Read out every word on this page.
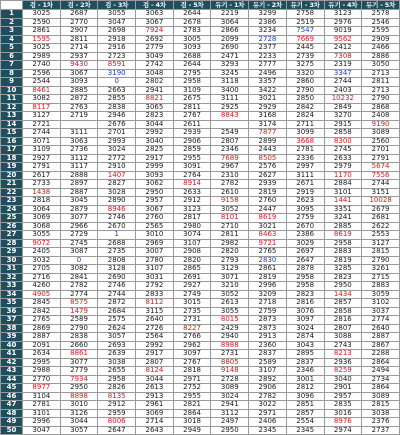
	검 - 1차	검 - 2차	검 - 3차	검 - 4차	검 - 5차	듀기 - 1차	듀기 - 2차	듀기 - 3차	듀기 - 4차	듀기 - 5차
1	3025	2687	3055	3063	2644	2219	3299	2758	3123	2578
2	2590	2770	3047	3067	2678	3064	2386	2519	2976	2546
3	2861	2907	2698	7924	2783	2866	3234	7547	9019	2595
4	1595	2811	2918	2692	3005	2099	2728	7669	9562	2909
5	3025	2714	2916	2779	3093	2690	2377	2445	2412	2466
6	2989	2937	2723	3049	2688	2471	2233	2739	7308	2886
7	2740	9430	8591	2742	2644	3293	2777	3275	2319	3050
8	2596	3067	3190	3048	2795	3245	2496	3320	3347	2713
9	2544	3093	0	2802	2958	3118	3357	2860	2744	2811
10	8461	2885	2663	2941	3109	3400	3422	2790	2403	2713
11	3082	2872	2855	8821	2675	3111	3021	2850	10232	2790
12	8117	2763	2838	3065	2811	2925	2929	2842	2849	2868
13	3127	2719	2946	2823	2767	8843	3168	2824	3270	2408
14	2721		2676	3044	2611		3174	2711	2915	9190
15	2744	3111	2701	2992	2939	2549	7877	3099	2858	3089
16	3071	3063	2993	3040	2906	2807	2899	3668	8300	2560
17	3109	2736	3024	2825	2859	2346	2443	2781	2745	2701
18	2927	3112	2772	2917	2955	7689	8505	2336	2633	2791
19	2791	3117	2910	2999	3091	2967	2576	2997	2979	5674
20	2617	2888	1407	3093	2764	2310	2627	3111	1170	7556
21	2733	2897	2827	3062	8914	2782	2939	2671	2884	2744
22	1438	2887	3028	2950	2633	2610	2819	2919	3101	3151
23	2818	3045	2890	2957	2912	9158	2760	2623	1441	10028
24	3064	2879	8946	3067	3123	3052	2447	3095	3351	2679
25	3069	3077	2746	2760	2817	8101	8619	2759	3241	2681
26	3068	2966	2670	2565	2980	2710	3021	2670	2885	2622
27	3055	2729	1	3010	3074	2811	8463	2386	8619	2553
28	9072	2745	2688	2969	3107	2982	9721	3029	2958	3127
29	2405	3087	2735	3007	2908	2820	2765	2697	2883	2815
30	3032	0	2808	2780	2820	2793	2830	2647	2819	2790
31	2705	3082	3128	3107	2865	3129	2861	2878	3285	3261
32	2716	2841	2690	3031	2691	3071	2819	2958	2823	2715
33	4260	2782	2746	2792	2927	3210	2996	2958	2950	2883
34	4905	2774	2744	2833	2749	3052	3209	2823	1434	3059
35	2845	8575	2872	8112	3015	2613	2718	2816	2857	3102
36	2842	1479	2684	3115	2735	3055	2759	3076	2858	3037
37	2765	2589	2575	2640	2731	8015	2873	3097	2816	2774
38	2869	2790	2624	2726	8227	2429	2873	3024	2807	2640
39	2887	2838	3057	2564	2766	2940	2913	2874	3088	2887
40	2091	2660	2693	2992	2962	8988	2360	3043	2743	2867
41	2634	8861	2639	2917	3097	2731	2837	2895	8213	2288
42	2995	3077	3038	2807	2767	8805	2589	2837	2936	2864
43	2988	2779	2655	8124	2818	9148	3107	2346	8259	2494
44	2770	7934	2958	3044	2971	2728	2892	3001	3040	2734
45	8977	2950	2826	2613	2752	3089	2906	2812	2901	2864
46	3104	8898	8135	2913	2955	3024	2782	3096	2957	3089
47	2781	3010	2912	2961	2821	2941	3022	2851	2835	2815
48	3101	3126	2959	3069	2864	3112	2971	2857	3016	3038
49	2996	3044	8006	2714	3018	2497	2406	2554	8976	2376
50	3047	3057	2647	2643	2949	2950	2345	2345	2974	2737
